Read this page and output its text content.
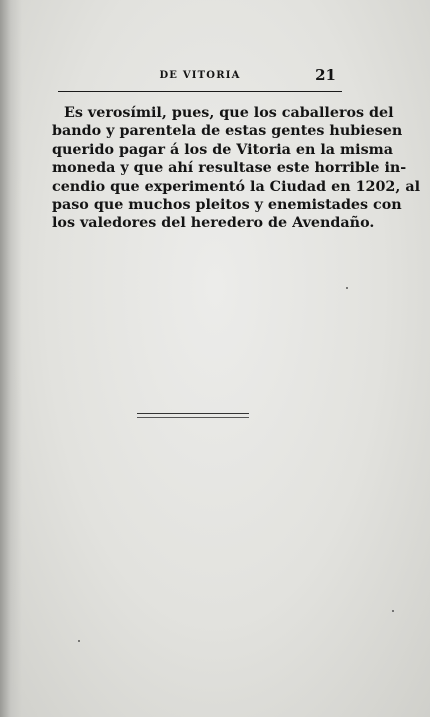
DE VITORIA	21
Es verosímil, pues, que los caballeros del
bando y parentela de estas gentes hubiesen
querido pagar á los de Vitoria en la misma
moneda y que ahí resultase este horrible in-
cendio que experimentó la Ciudad en 1202, al
paso que muchos pleitos y enemistades con
los valedores del heredero de Avendaño.
